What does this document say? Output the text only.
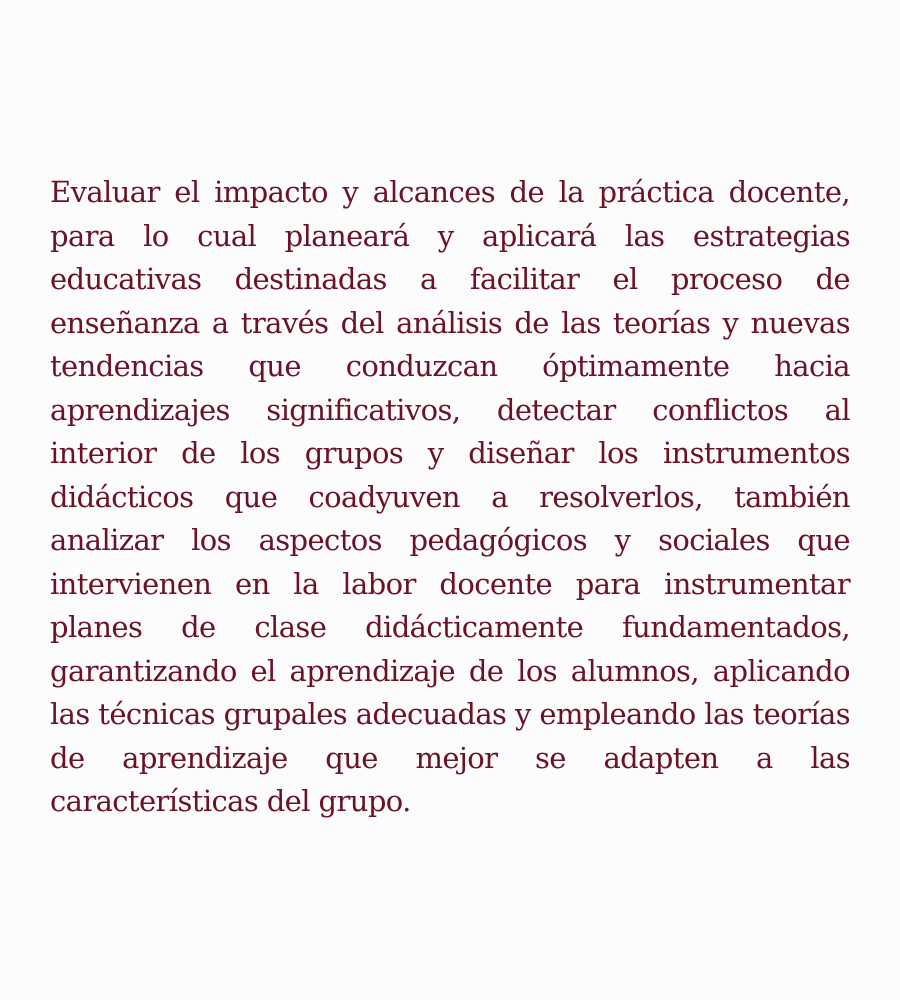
Evaluar el impacto y alcances de la práctica docente, para lo cual planeará y aplicará las estrategias educativas destinadas a facilitar el proceso de enseñanza a través del análisis de las teorías y nuevas tendencias que conduzcan óptimamente hacia aprendizajes significativos, detectar conflictos al interior de los grupos y diseñar los instrumentos didácticos que coadyuven a resolverlos, también analizar los aspectos pedagógicos y sociales que intervienen en la labor docente para instrumentar planes de clase didácticamente fundamentados, garantizando el aprendizaje de los alumnos, aplicando las técnicas grupales adecuadas y empleando las teorías de aprendizaje que mejor se adapten a las características del grupo.
